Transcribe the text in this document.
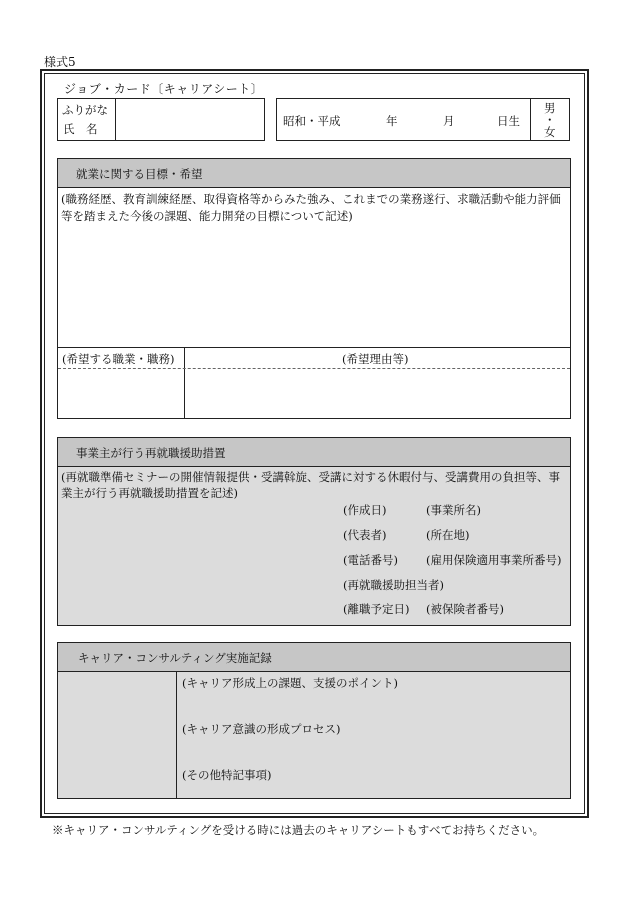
様式5
ジョブ・カード〔キャリアシート〕
ふりがな
氏　名
昭和・平成	年	月	日生
男
・
女
就業に関する目標・希望
(職務経歴、教育訓練経歴、取得資格等からみた強み、これまでの業務遂行、求職活動や能力評価等を踏まえた今後の課題、能力開発の目標について記述)
(希望する職業・職務)	(希望理由等)
事業主が行う再就職援助措置
(再就職準備セミナーの開催情報提供・受講斡旋、受講に対する休暇付与、受講費用の負担等、事業主が行う再就職援助措置を記述)
(作成日)	(事業所名)
(代表者)	(所在地)
(電話番号) (雇用保険適用事業所番号)
(再就職援助担当者)
(離職予定日) (被保険者番号)
キャリア・コンサルティング実施記録
(キャリア形成上の課題、支援のポイント)
(キャリア意識の形成プロセス)
(その他特記事項)
※キャリア・コンサルティングを受ける時には過去のキャリアシートもすべてお持ちください。
